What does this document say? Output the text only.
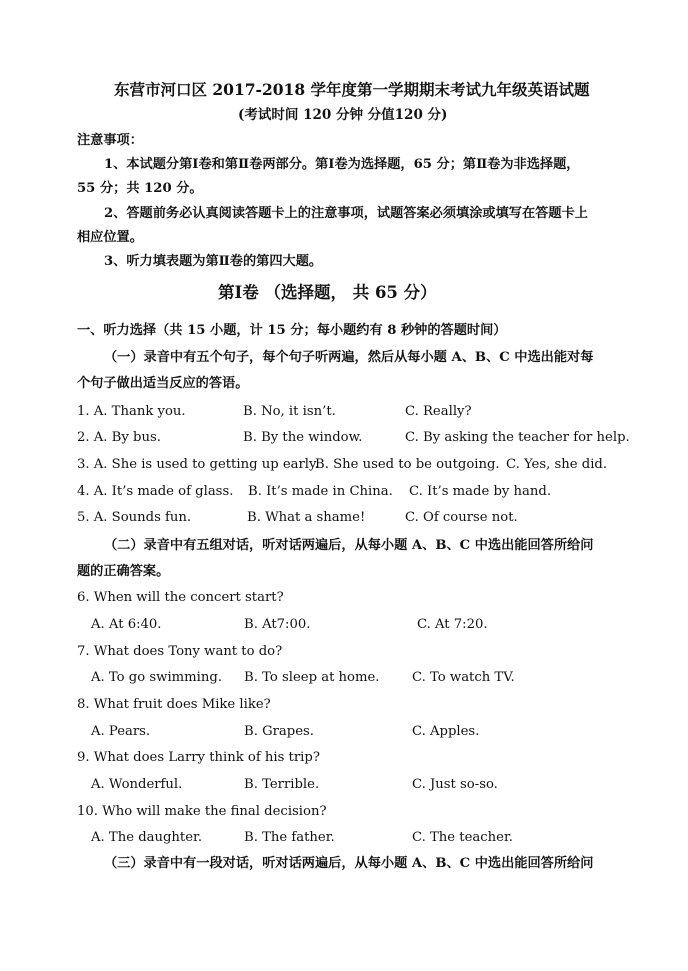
东营市河口区 2017-2018 学年度第一学期期末考试九年级英语试题
(考试时间 120 分钟 分值120 分)
注意事项：
1、本试题分第Ⅰ卷和第Ⅱ卷两部分。第Ⅰ卷为选择题，65 分；第Ⅱ卷为非选择题，
55 分；共 120 分。
2、答题前务必认真阅读答题卡上的注意事项，试题答案必须填涂或填写在答题卡上
相应位置。
3、听力填表题为第Ⅱ卷的第四大题。
第Ⅰ卷 （选择题， 共 65 分）
一、听力选择（共 15 小题，计 15 分；每小题约有 8 秒钟的答题时间）
（一）录音中有五个句子，每个句子听两遍，然后从每小题 A、B、C 中选出能对每
个句子做出适当反应的答语。
1. A. Thank you.	B. No, it isn’t.	C. Really?
2. A. By bus.	B. By the window.	C. By asking the teacher for help.
3. A. She is used to getting up early.
B. She used to be outgoing. C. Yes, she did.
4. A. It’s made of glass. B. It’s made in China. C. It’s made by hand.
5. A. Sounds fun.	B. What a shame!	C. Of course not.
（二）录音中有五组对话，听对话两遍后，从每小题 A、B、C 中选出能回答所给问
题的正确答案。
6. When will the concert start?
A. At 6:40.	B. At7:00.	C. At 7:20.
7. What does Tony want to do?
A. To go swimming. B. To sleep at home. C. To watch TV.
8. What fruit does Mike like?
A. Pears.	B. Grapes.	C. Apples.
9. What does Larry think of his trip?
A. Wonderful.	B. Terrible.	C. Just so-so.
10. Who will make the final decision?
A. The daughter.	B. The father.	C. The teacher.
（三）录音中有一段对话，听对话两遍后，从每小题 A、B、C 中选出能回答所给问
